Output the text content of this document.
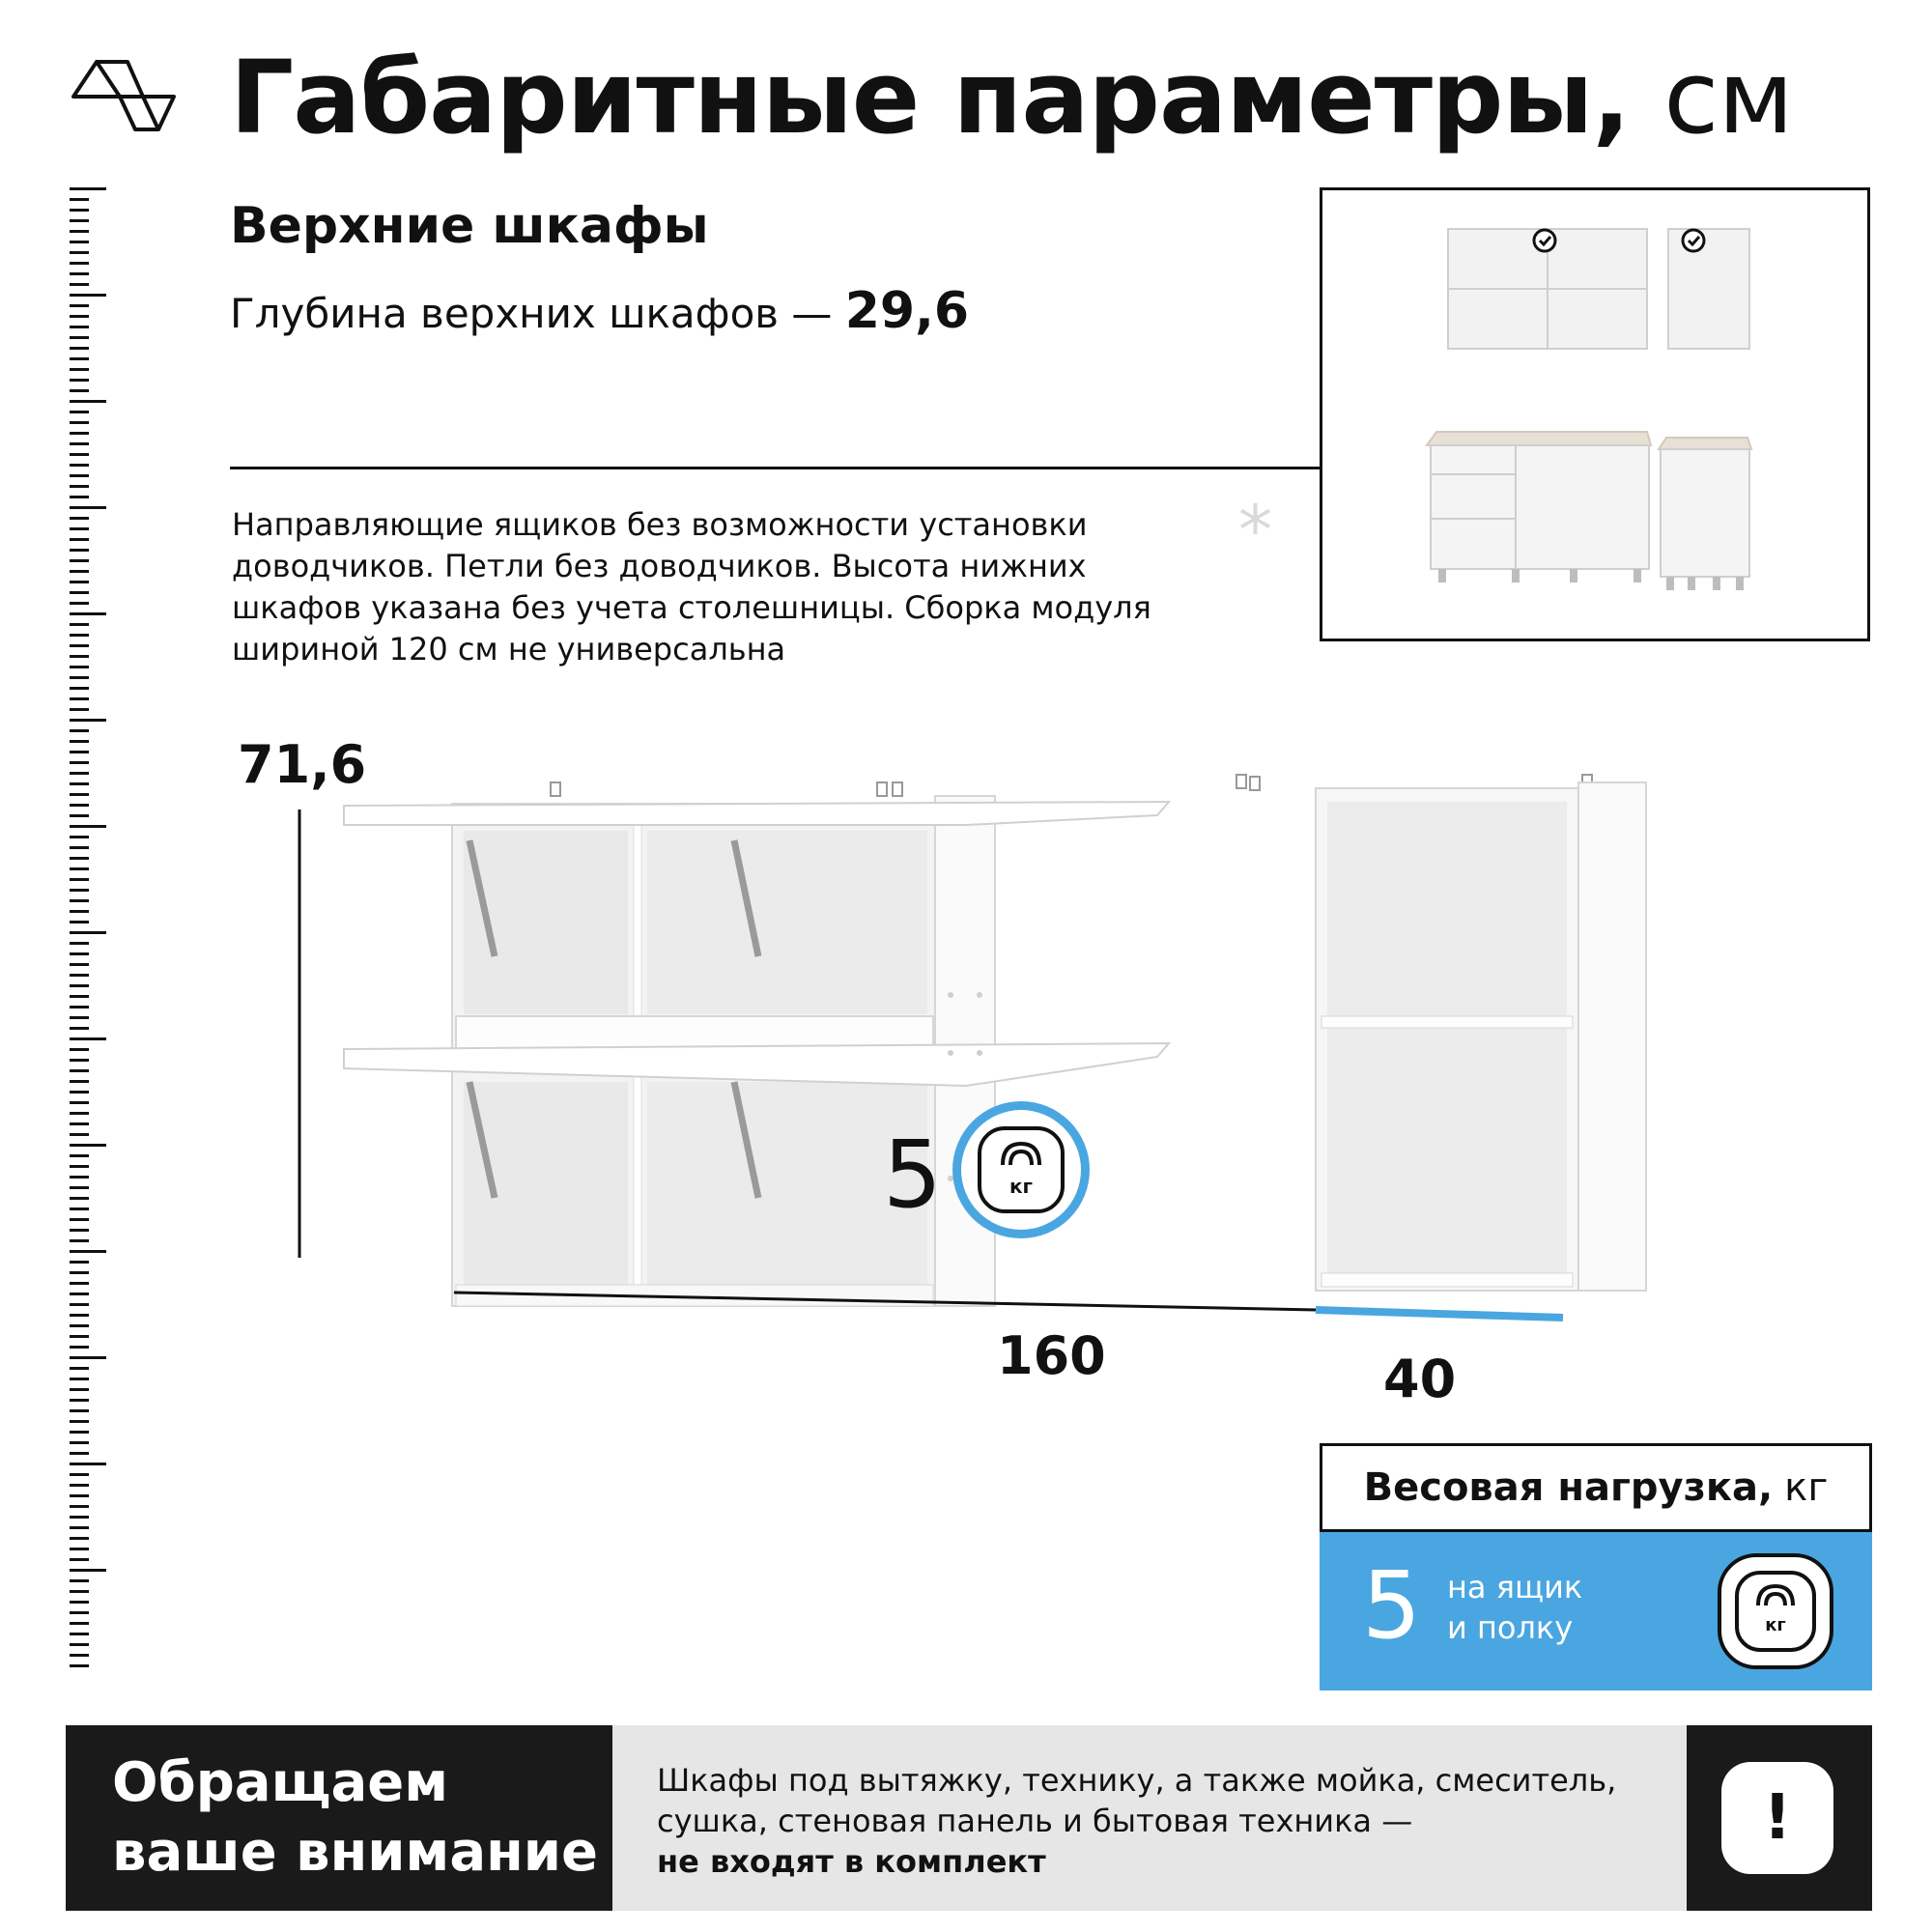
Габаритные параметры, см
Верхние шкафы
Глубина верхних шкафов — 29,6
Направляющие ящиков без возможности установки доводчиков. Петли без доводчиков. Высота нижних шкафов указана без учета столешницы. Сборка модуля шириной 120 см не универсальна
*
71,6
160	40
5	кг
Весовая нагрузка, кг
5 на ящик
и полку	кг
Обращаем
ваше внимание
Шкафы под вытяжку, технику, а также мойка, смеситель, сушка, стеновая панель и бытовая техника —
не входят в комплект
!
